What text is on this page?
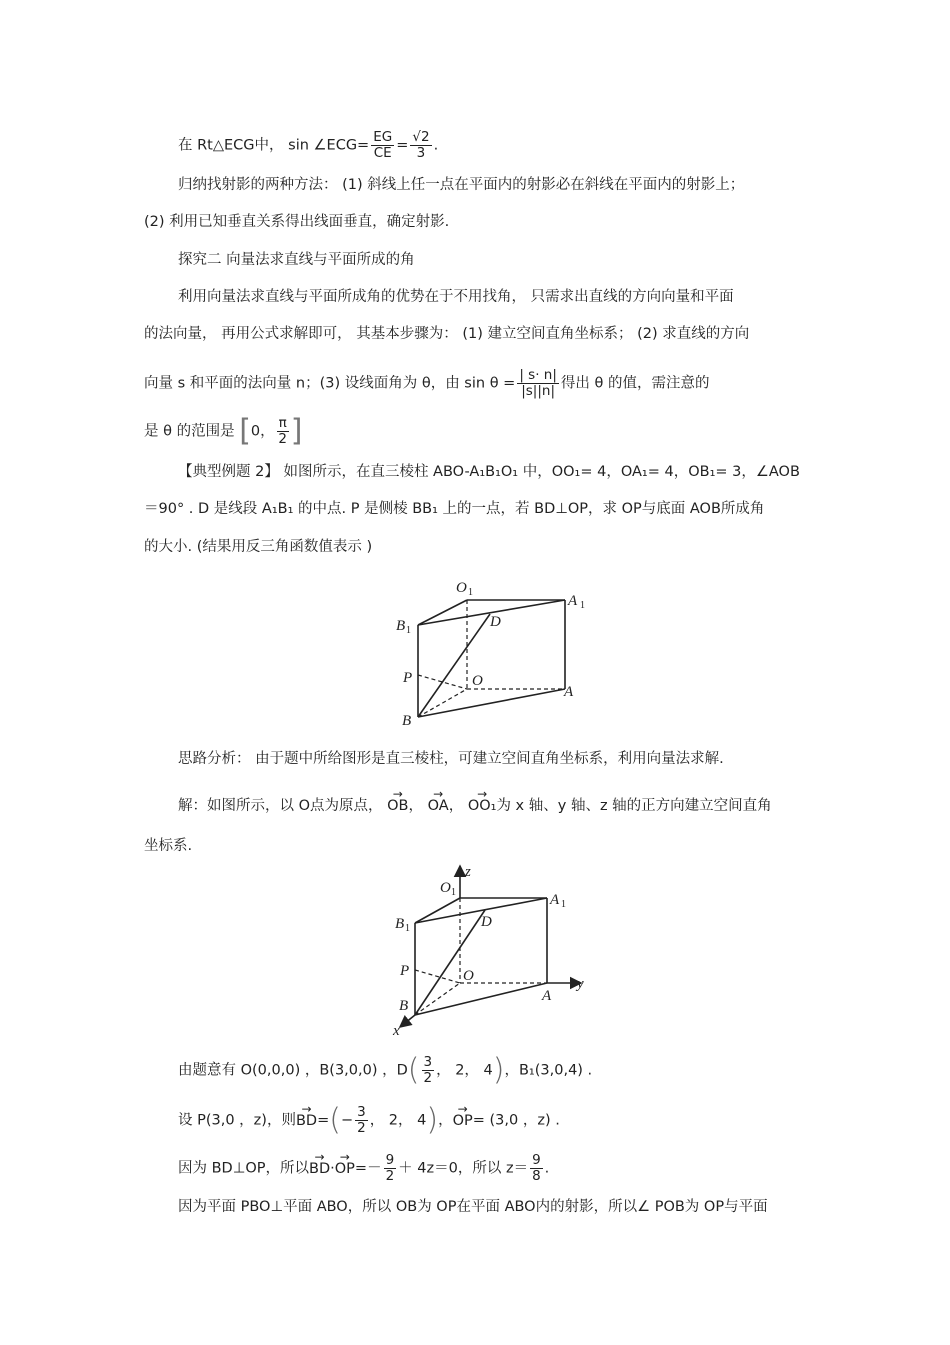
在 Rt△ECG中， sin ∠ECG= $\frac{EG}{CE} = \frac{√2}{3}$ .
归纳找射影的两种方法： (1) 斜线上任一点在平面内的射影必在斜线在平面内的射影上；
(2) 利用已知垂直关系得出线面垂直，确定射影.
探究二 向量法求直线与平面所成的角
利用向量法求直线与平面所成角的优势在于不用找角， 只需求出直线的方向向量和平面
的法向量， 再用公式求解即可， 其基本步骤为： (1) 建立空间直角坐标系； (2) 求直线的方向
向量 s 和平面的法向量 n；(3) 设线面角为 θ，由 $\sin \theta = \frac{| s\cdot n|}{|s||n|}$ 得出 θ 的值，需注意的
是 θ 的范围是 [0， $\frac{\pi}{2}$ ]
【典型例题 2】 如图所示，在直三棱柱 ABO-A₁B₁O₁ 中，OO₁= 4，OA₁= 4，OB₁= 3，∠AOB
＝90° . D 是线段 A₁B₁ 的中点. P 是侧棱 BB₁ 上的一点，若 BD⊥OP，求 OP与底面 AOB所成角
的大小. (结果用反三角函数值表示 )
O 1
A 1
B 1
D
P	O
A
B
思路分析： 由于题中所给图形是直三棱柱，可建立空间直角坐标系，利用向量法求解.
解：如图所示，以 O点为原点， → OB， → OA， → OO₁为 x 轴、y 轴、z 轴的正方向建立空间直角
坐标系.
z
y
x
O 1	A 1
B 1	D
P	O
A
B
由题意有 O(0,0,0) ，B(3,0,0) ，$D( \frac{3}{2}$ ， 2， 4)，B₁(3,0,4) .
设 P(3,0 ，z)，则→ $BD=(- \frac{3}{2}$ ， 2， 4)，→ OP= (3,0 ，z) .
因为 BD⊥OP，所以→ $BD\cdot\to OP=- \frac{9}{2} + 4z=0$，所以 $z= \frac{9}{8}$ .
因为平面 PBO⊥平面 ABO，所以 OB为 OP在平面 ABO内的射影，所以∠ POB为 OP与平面
